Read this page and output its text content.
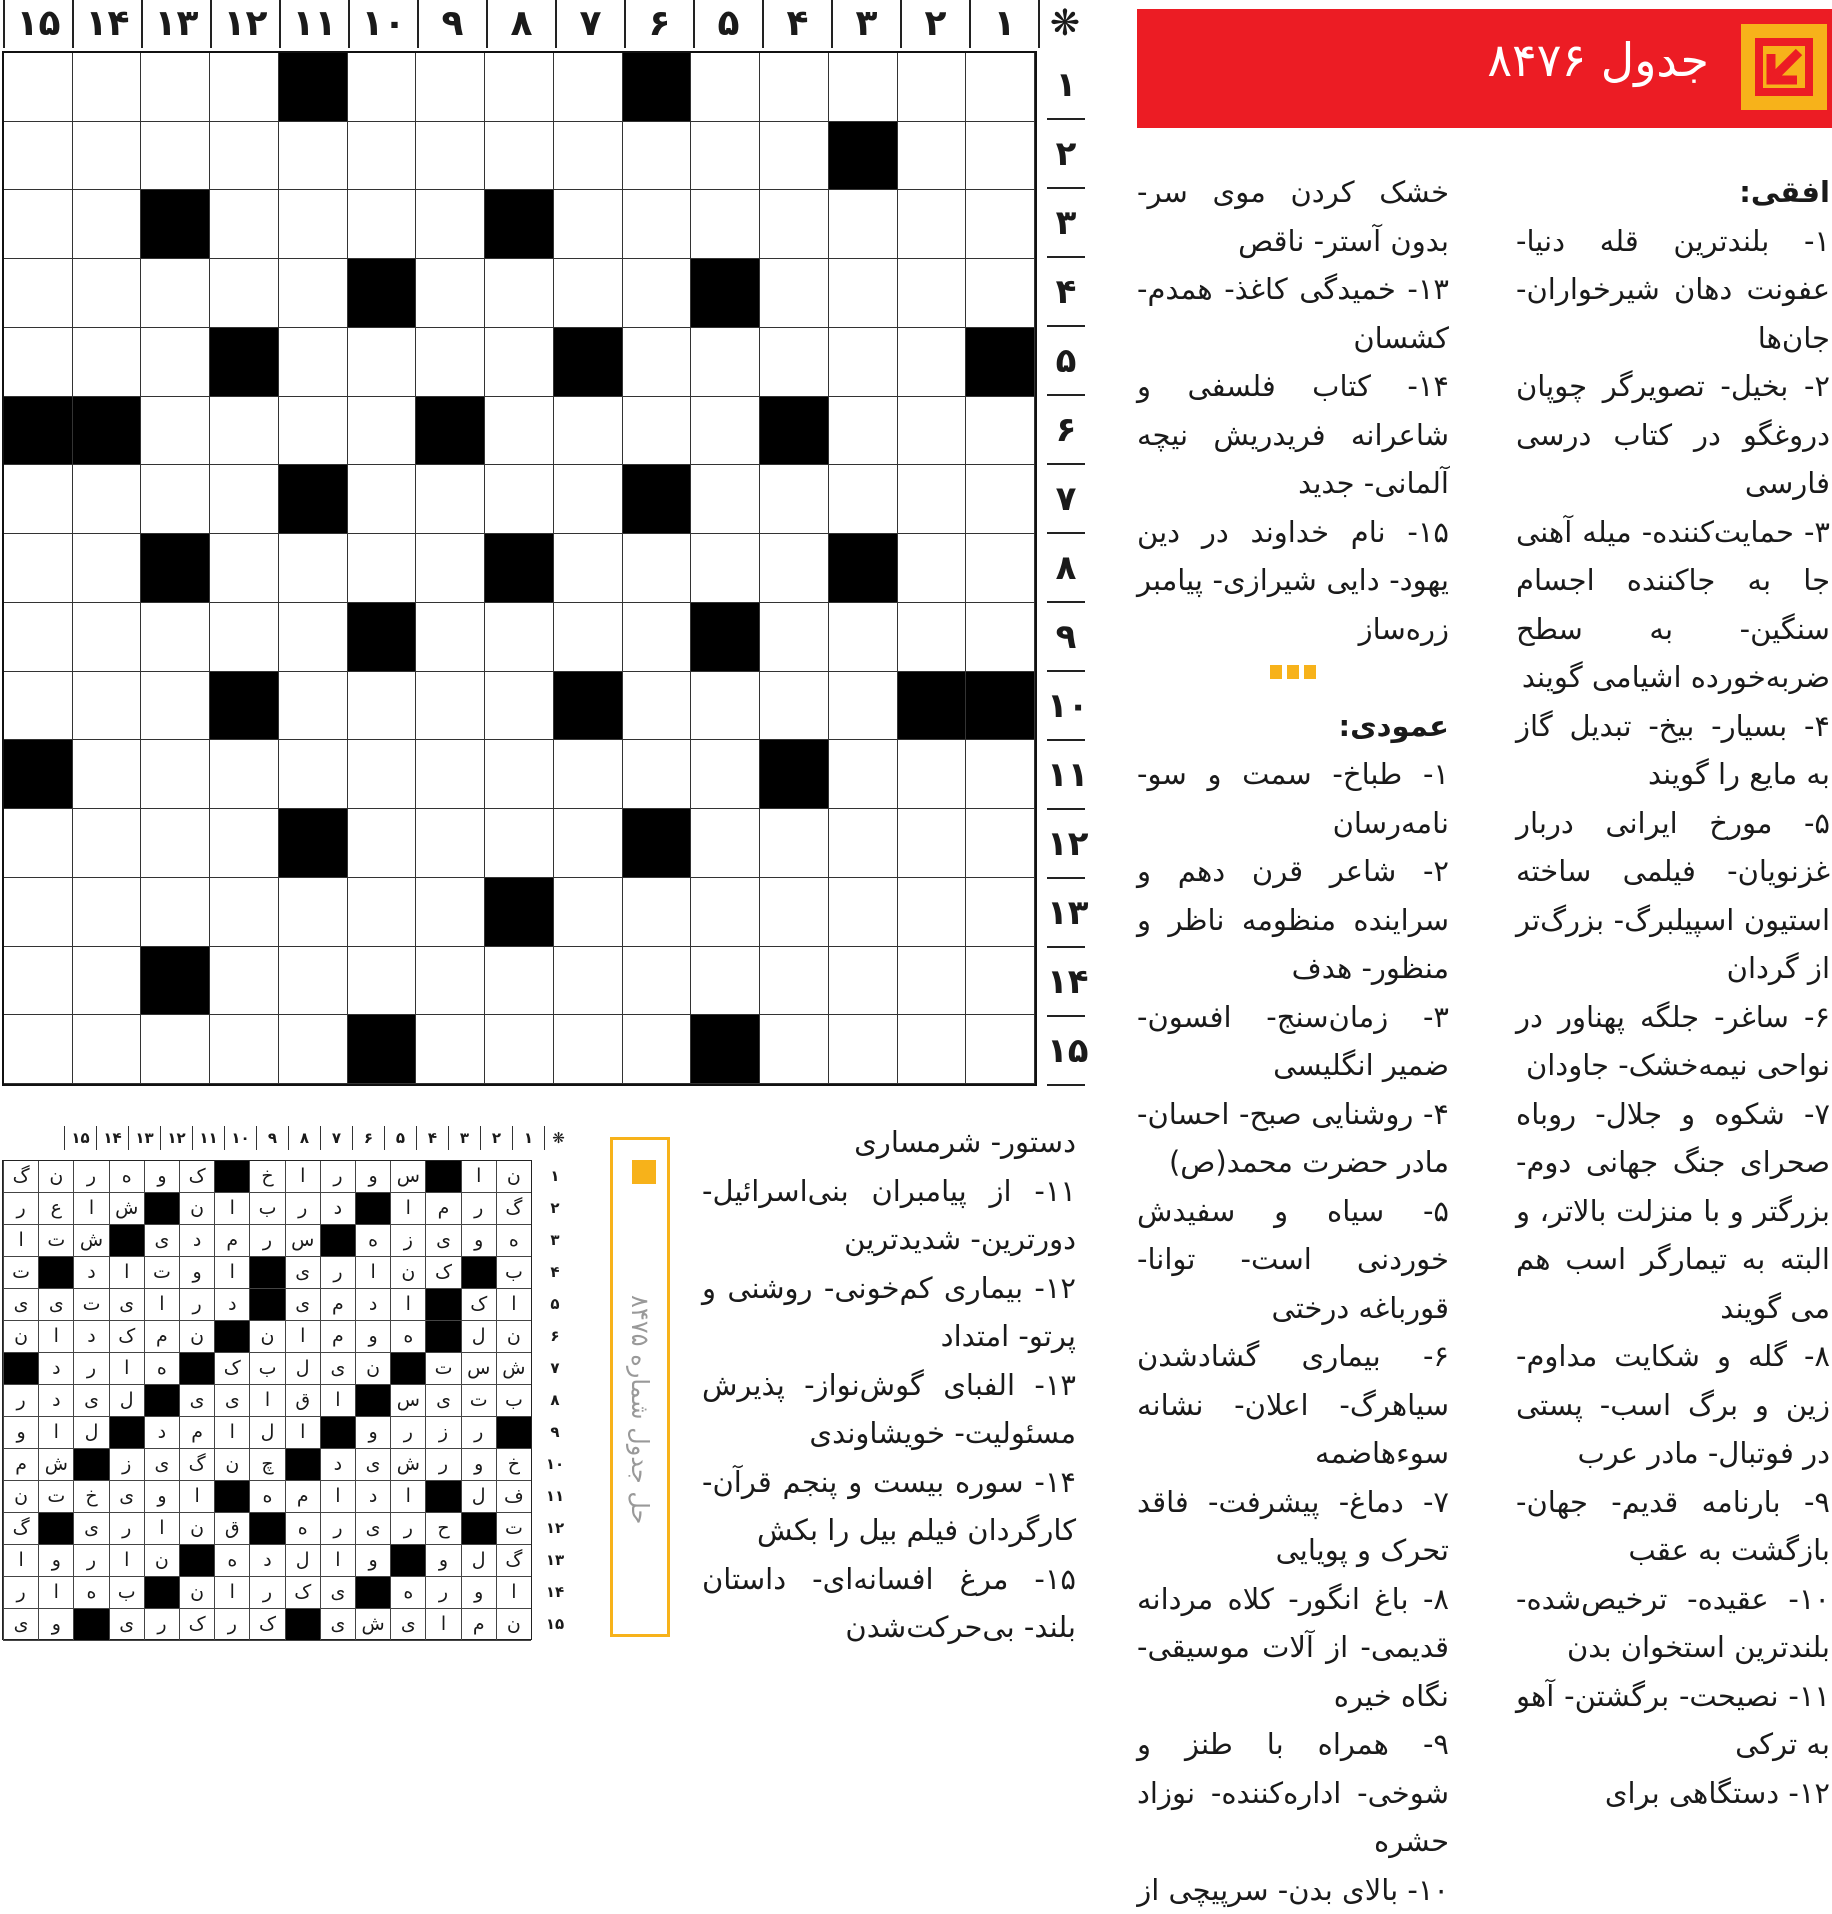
جدول ۸۴۷۶

افقی:

۱- بلندترین قله دنیا- عفونت دهان شیرخواران- جان‌ها

۲- بخیل- تصویرگر چوپان دروغگو در کتاب درسی فارسی

۳- حمایت‌کننده- میله آهنی جا به جاکننده اجسام سنگین- به سطح ضربه‌خورده اشیامی گویند

۴- بسیار- بیخ- تبدیل گاز به مایع را گویند

۵- مورخ ایرانی دربار غزنویان- فیلمی ساخته استیون اسپیلبرگ- بزرگ‌تر از گردان

۶- ساغر- جلگه پهناور در نواحی نیمه‌خشک- جاودان

۷- شکوه و جلال- روباه صحرای جنگ جهانی دوم- بزرگتر و با منزلت بالاتر، و البته به تیمارگر اسب هم می گویند

۸- گله و شکایت مداوم- زین و برگ اسب- پستی در فوتبال- مادر عرب

۹- بارنامه قدیم- جهان- بازگشت به عقب

۱۰- عقیده- ترخیص‌شده- بلندترین استخوان بدن

۱۱- نصیحت- برگشتن- آهو به ترکی

۱۲- دستگاهی برای

خشک کردن موی سر- بدون آستر- ناقص

۱۳- خمیدگی کاغذ- همدم- کشسان

۱۴- کتاب فلسفی و شاعرانه فریدریش نیچه آلمانی- جدید

۱۵- نام خداوند در دین یهود- دایی شیرازی- پیامبر زره‌ساز

عمودی:

۱- طباخ- سمت و سو- نامه‌رسان

۲- شاعر قرن دهم و سراینده منظومه ناظر و منظور- هدف

۳- زمان‌سنج- افسون- ضمیر انگلیسی

۴- روشنایی صبح- احسان- مادر حضرت محمد(ص)

۵- سیاه و سفیدش خوردنی است- توانا- قورباغه درختی

۶- بیماری گشادشدن سیاهرگ- اعلان- نشانه سوءهاضمه

۷- دماغ- پیشرفت- فاقد تحرک و پویایی

۸- باغ انگور- کلاه مردانه قدیمی- از آلات موسیقی- نگاه خیره

۹- همراه با طنز و شوخی- اداره‌کننده- نوزاد حشره

۱۰- بالای بدن- سرپیچی از

دستور- شرمساری

۱۱- از پیامبران بنی‌اسرائیل- دورترین- شدیدترین

۱۲- بیماری کم‌خونی- روشنی و پرتو- امتداد

۱۳- الفبای گوش‌نواز- پذیرش مسئولیت- خویشاوندی

۱۴- سوره بیست و پنجم قرآن- کارگردان فیلم بیل را بکش

۱۵- مرغ افسانه‌ای- داستان بلند- بی‌حرکت‌شدن

❋
۱
۲
۳
۴
۵
۶
۷
۸
۹
۱۰
۱۱
۱۲
۱۳
۱۴
۱۵
۱
۲
۳
۴
۵
۶
۷
۸
۹
۱۰
۱۱
۱۲
۱۳
۱۴
۱۵
حل جدول شماره ۸۴۷۵
❋
۱
۲
۳
۴
۵
۶
۷
۸
۹
۱۰
۱۱
۱۲
۱۳
۱۴
۱۵
ن
ا
س
و
ر
ا
خ
ک
و
ه
ر
ن
گ
گ
ر
م
ا
د
ر
ب
ا
ن
ش
ا
ع
ر
ه
و
ی
ز
ه
س
ر
م
د
ی
ش
ت
ا
ب
ک
ن
ا
ر
ی
ا
و
ت
ا
د
ت
ا
ک
ا
د
م
ی
د
ر
ا
ی
ت
ی
ی
ن
ل
ه
و
م
ا
ن
ن
م
ک
د
ا
ن
ش
س
ت
ن
ی
ل
ب
ک
ه
ا
ر
د
ب
ت
ی
س
ا
ق
ا
ی
ی
ل
ی
د
ر
ر
ز
ر
و
ا
ل
ا
م
د
ل
ا
و
خ
و
ر
ش
ی
د
چ
ن
گ
ی
ز
ش
م
ف
ل
ا
د
ا
م
ه
ا
و
ی
خ
ت
ن
ت
ح
ر
ی
ر
ه
ق
ن
ا
ر
ی
گ
گ
ل
و
و
ا
ل
د
ه
ن
ا
ر
و
ا
ا
و
ر
ه
ی
ک
ر
ا
ن
ب
ه
ا
ر
ن
م
ا
ی
ش
ی
ک
ر
ک
ر
ی
و
ی
۱
۲
۳
۴
۵
۶
۷
۸
۹
۱۰
۱۱
۱۲
۱۳
۱۴
۱۵
